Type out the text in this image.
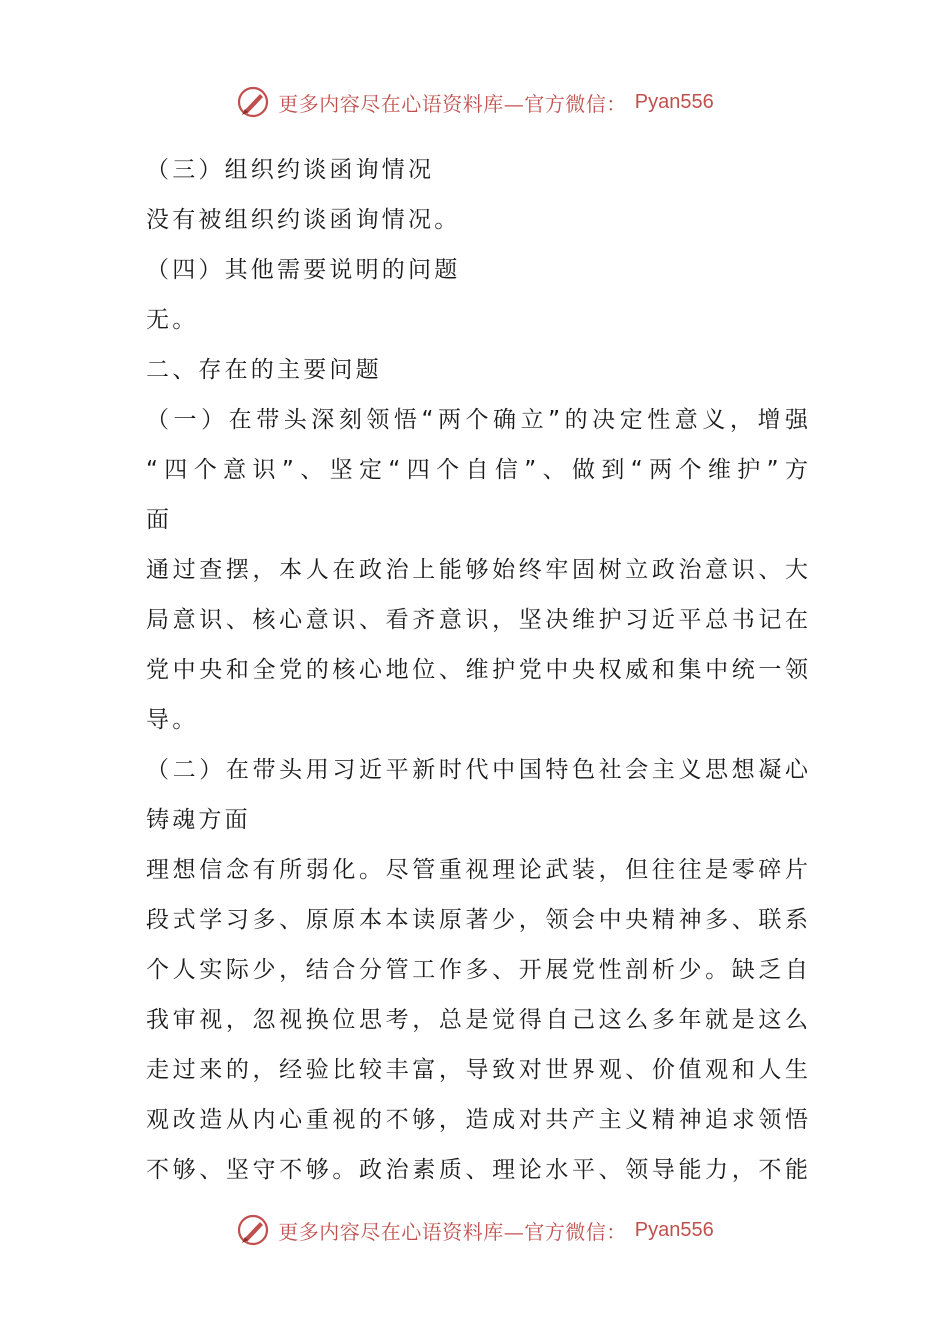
更多内容尽在心语资料库—官方微信： Pyan556
（三）组织约谈函询情况
没有被组织约谈函询情况。
（四）其他需要说明的问题
无。
二、存在的主要问题
（一）在带头深刻领悟“两个确立”的决定性意义，增强
“四个意识”、坚定“四个自信”、做到“两个维护”方
面
通过查摆，本人在政治上能够始终牢固树立政治意识、大
局意识、核心意识、看齐意识，坚决维护习近平总书记在
党中央和全党的核心地位、维护党中央权威和集中统一领
导。
（二）在带头用习近平新时代中国特色社会主义思想凝心
铸魂方面
理想信念有所弱化。尽管重视理论武装，但往往是零碎片
段式学习多、原原本本读原著少，领会中央精神多、联系
个人实际少，结合分管工作多、开展党性剖析少。缺乏自
我审视，忽视换位思考，总是觉得自己这么多年就是这么
走过来的，经验比较丰富，导致对世界观、价值观和人生
观改造从内心重视的不够，造成对共产主义精神追求领悟
不够、坚守不够。政治素质、理论水平、领导能力，不能
更多内容尽在心语资料库—官方微信： Pyan556
